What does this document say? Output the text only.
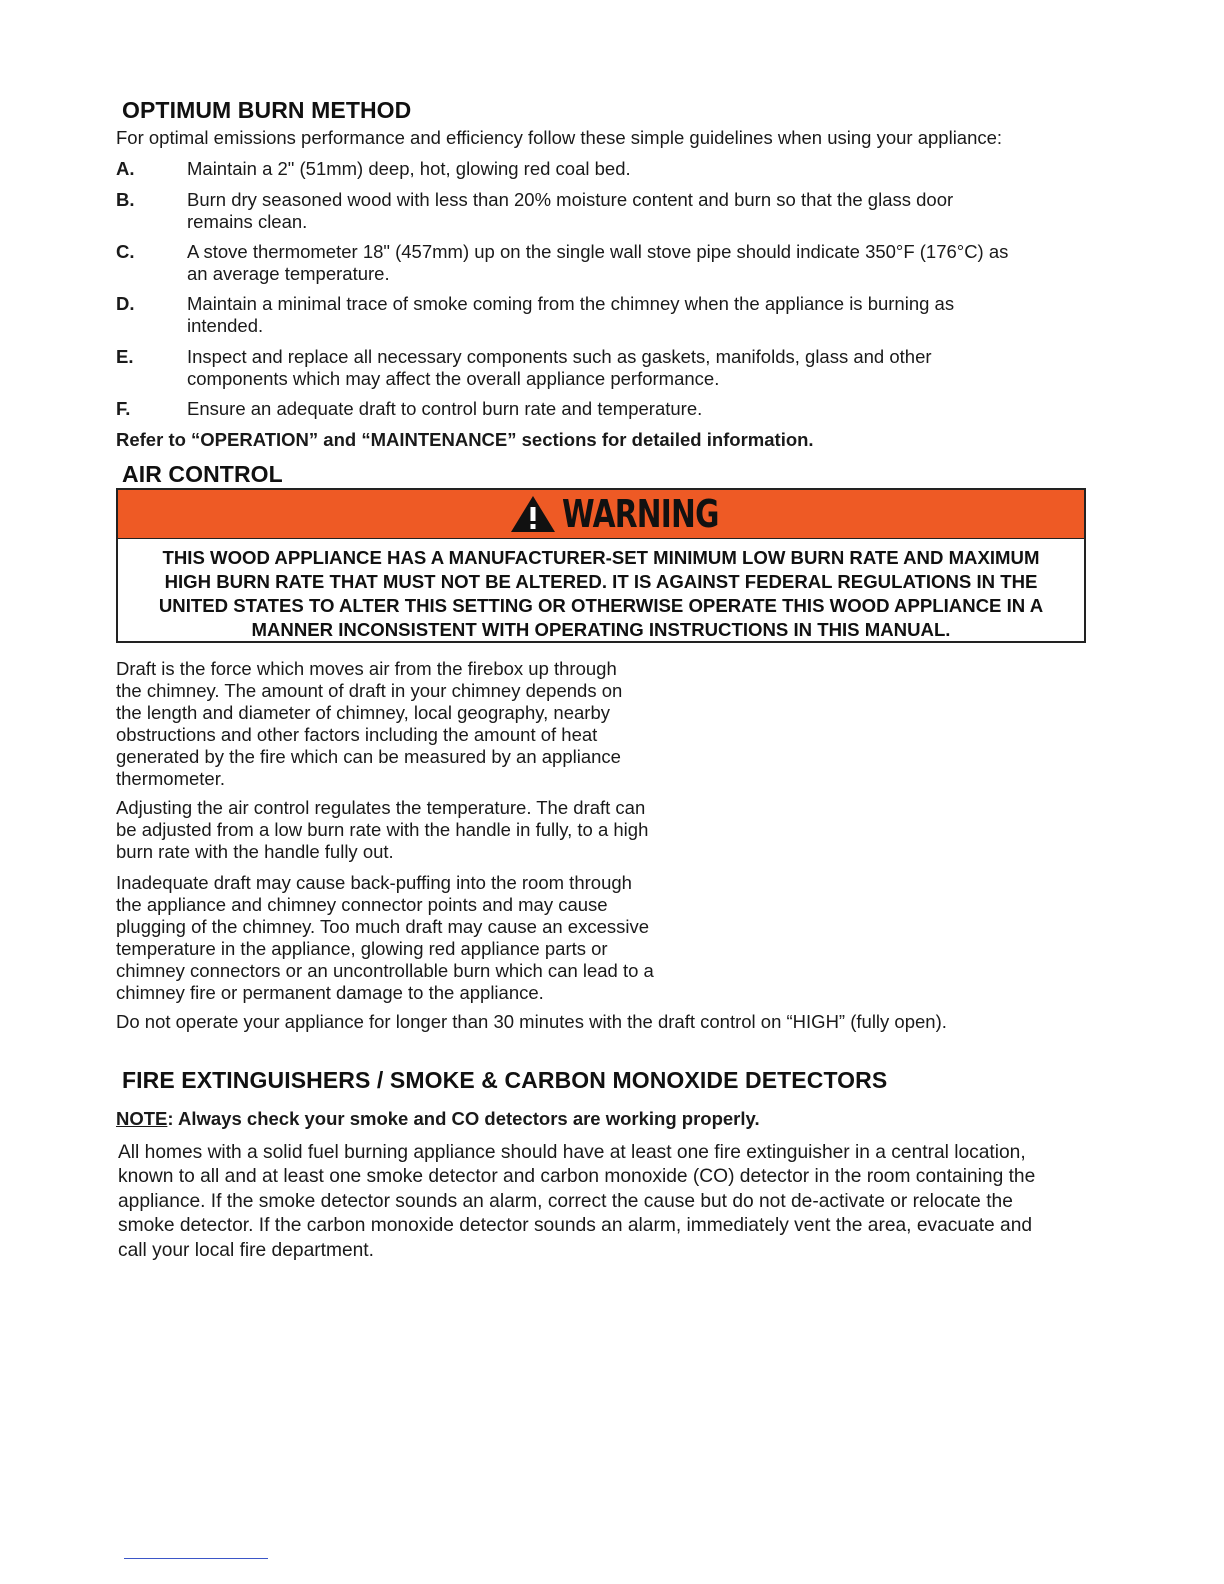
OPTIMUM BURN METHOD
For optimal emissions performance and efficiency follow these simple guidelines when using your appliance:
A.	Maintain a 2" (51mm) deep, hot, glowing red coal bed.
B.	Burn dry seasoned wood with less than 20% moisture content and burn so that the glass door
remains clean.
C.	A stove thermometer 18" (457mm) up on the single wall stove pipe should indicate 350°F (176°C) as
an average temperature.
D.	Maintain a minimal trace of smoke coming from the chimney when the appliance is burning as
intended.
E.	Inspect and replace all necessary components such as gaskets, manifolds, glass and other
components which may affect the overall appliance performance.
F.	Ensure an adequate draft to control burn rate and temperature.
Refer to “OPERATION” and “MAINTENANCE” sections for detailed information.
AIR CONTROL
WARNING
THIS WOOD APPLIANCE HAS A MANUFACTURER-SET MINIMUM LOW BURN RATE AND MAXIMUM
HIGH BURN RATE THAT MUST NOT BE ALTERED. IT IS AGAINST FEDERAL REGULATIONS IN THE
UNITED STATES TO ALTER THIS SETTING OR OTHERWISE OPERATE THIS WOOD APPLIANCE IN A
MANNER INCONSISTENT WITH OPERATING INSTRUCTIONS IN THIS MANUAL.
Draft is the force which moves air from the firebox up through
the chimney. The amount of draft in your chimney depends on
the length and diameter of chimney, local geography, nearby
obstructions and other factors including the amount of heat
generated by the fire which can be measured by an appliance
thermometer.
Adjusting the air control regulates the temperature. The draft can
be adjusted from a low burn rate with the handle in fully, to a high
burn rate with the handle fully out.
Inadequate draft may cause back-puffing into the room through
the appliance and chimney connector points and may cause
plugging of the chimney. Too much draft may cause an excessive
temperature in the appliance, glowing red appliance parts or
chimney connectors or an uncontrollable burn which can lead to a
chimney fire or permanent damage to the appliance.
Do not operate your appliance for longer than 30 minutes with the draft control on “HIGH” (fully open).
FIRE EXTINGUISHERS / SMOKE & CARBON MONOXIDE DETECTORS
NOTE: Always check your smoke and CO detectors are working properly.
All homes with a solid fuel burning appliance should have at least one fire extinguisher in a central location,
known to all and at least one smoke detector and carbon monoxide (CO) detector in the room containing the
appliance. If the smoke detector sounds an alarm, correct the cause but do not de-activate or relocate the
smoke detector. If the carbon monoxide detector sounds an alarm, immediately vent the area, evacuate and
call your local fire department.
